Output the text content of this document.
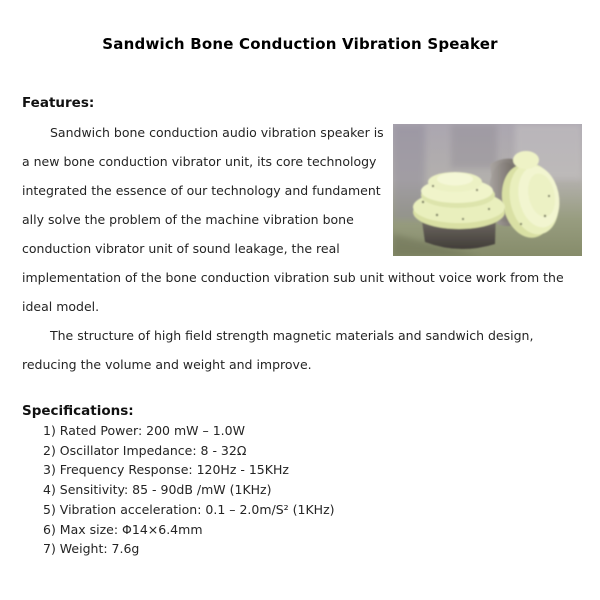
Sandwich Bone Conduction Vibration Speaker
Features:
Sandwich bone conduction audio vibration speaker is
a new bone conduction vibrator unit, its core technology
integrated the essence of our technology and fundament
ally solve the problem of the machine vibration bone
conduction vibrator unit of sound leakage, the real
implementation of the bone conduction vibration sub unit without voice work from the
ideal model.
The structure of high field strength magnetic materials and sandwich design,
reducing the volume and weight and improve.
Specifications:
1) Rated Power: 200 mW – 1.0W
2) Oscillator Impedance: 8 - 32Ω
3) Frequency Response: 120Hz - 15KHz
4) Sensitivity: 85 - 90dB /mW (1KHz)
5) Vibration acceleration: 0.1 – 2.0m/S² (1KHz)
6) Max size: Φ14×6.4mm
7) Weight: 7.6g
